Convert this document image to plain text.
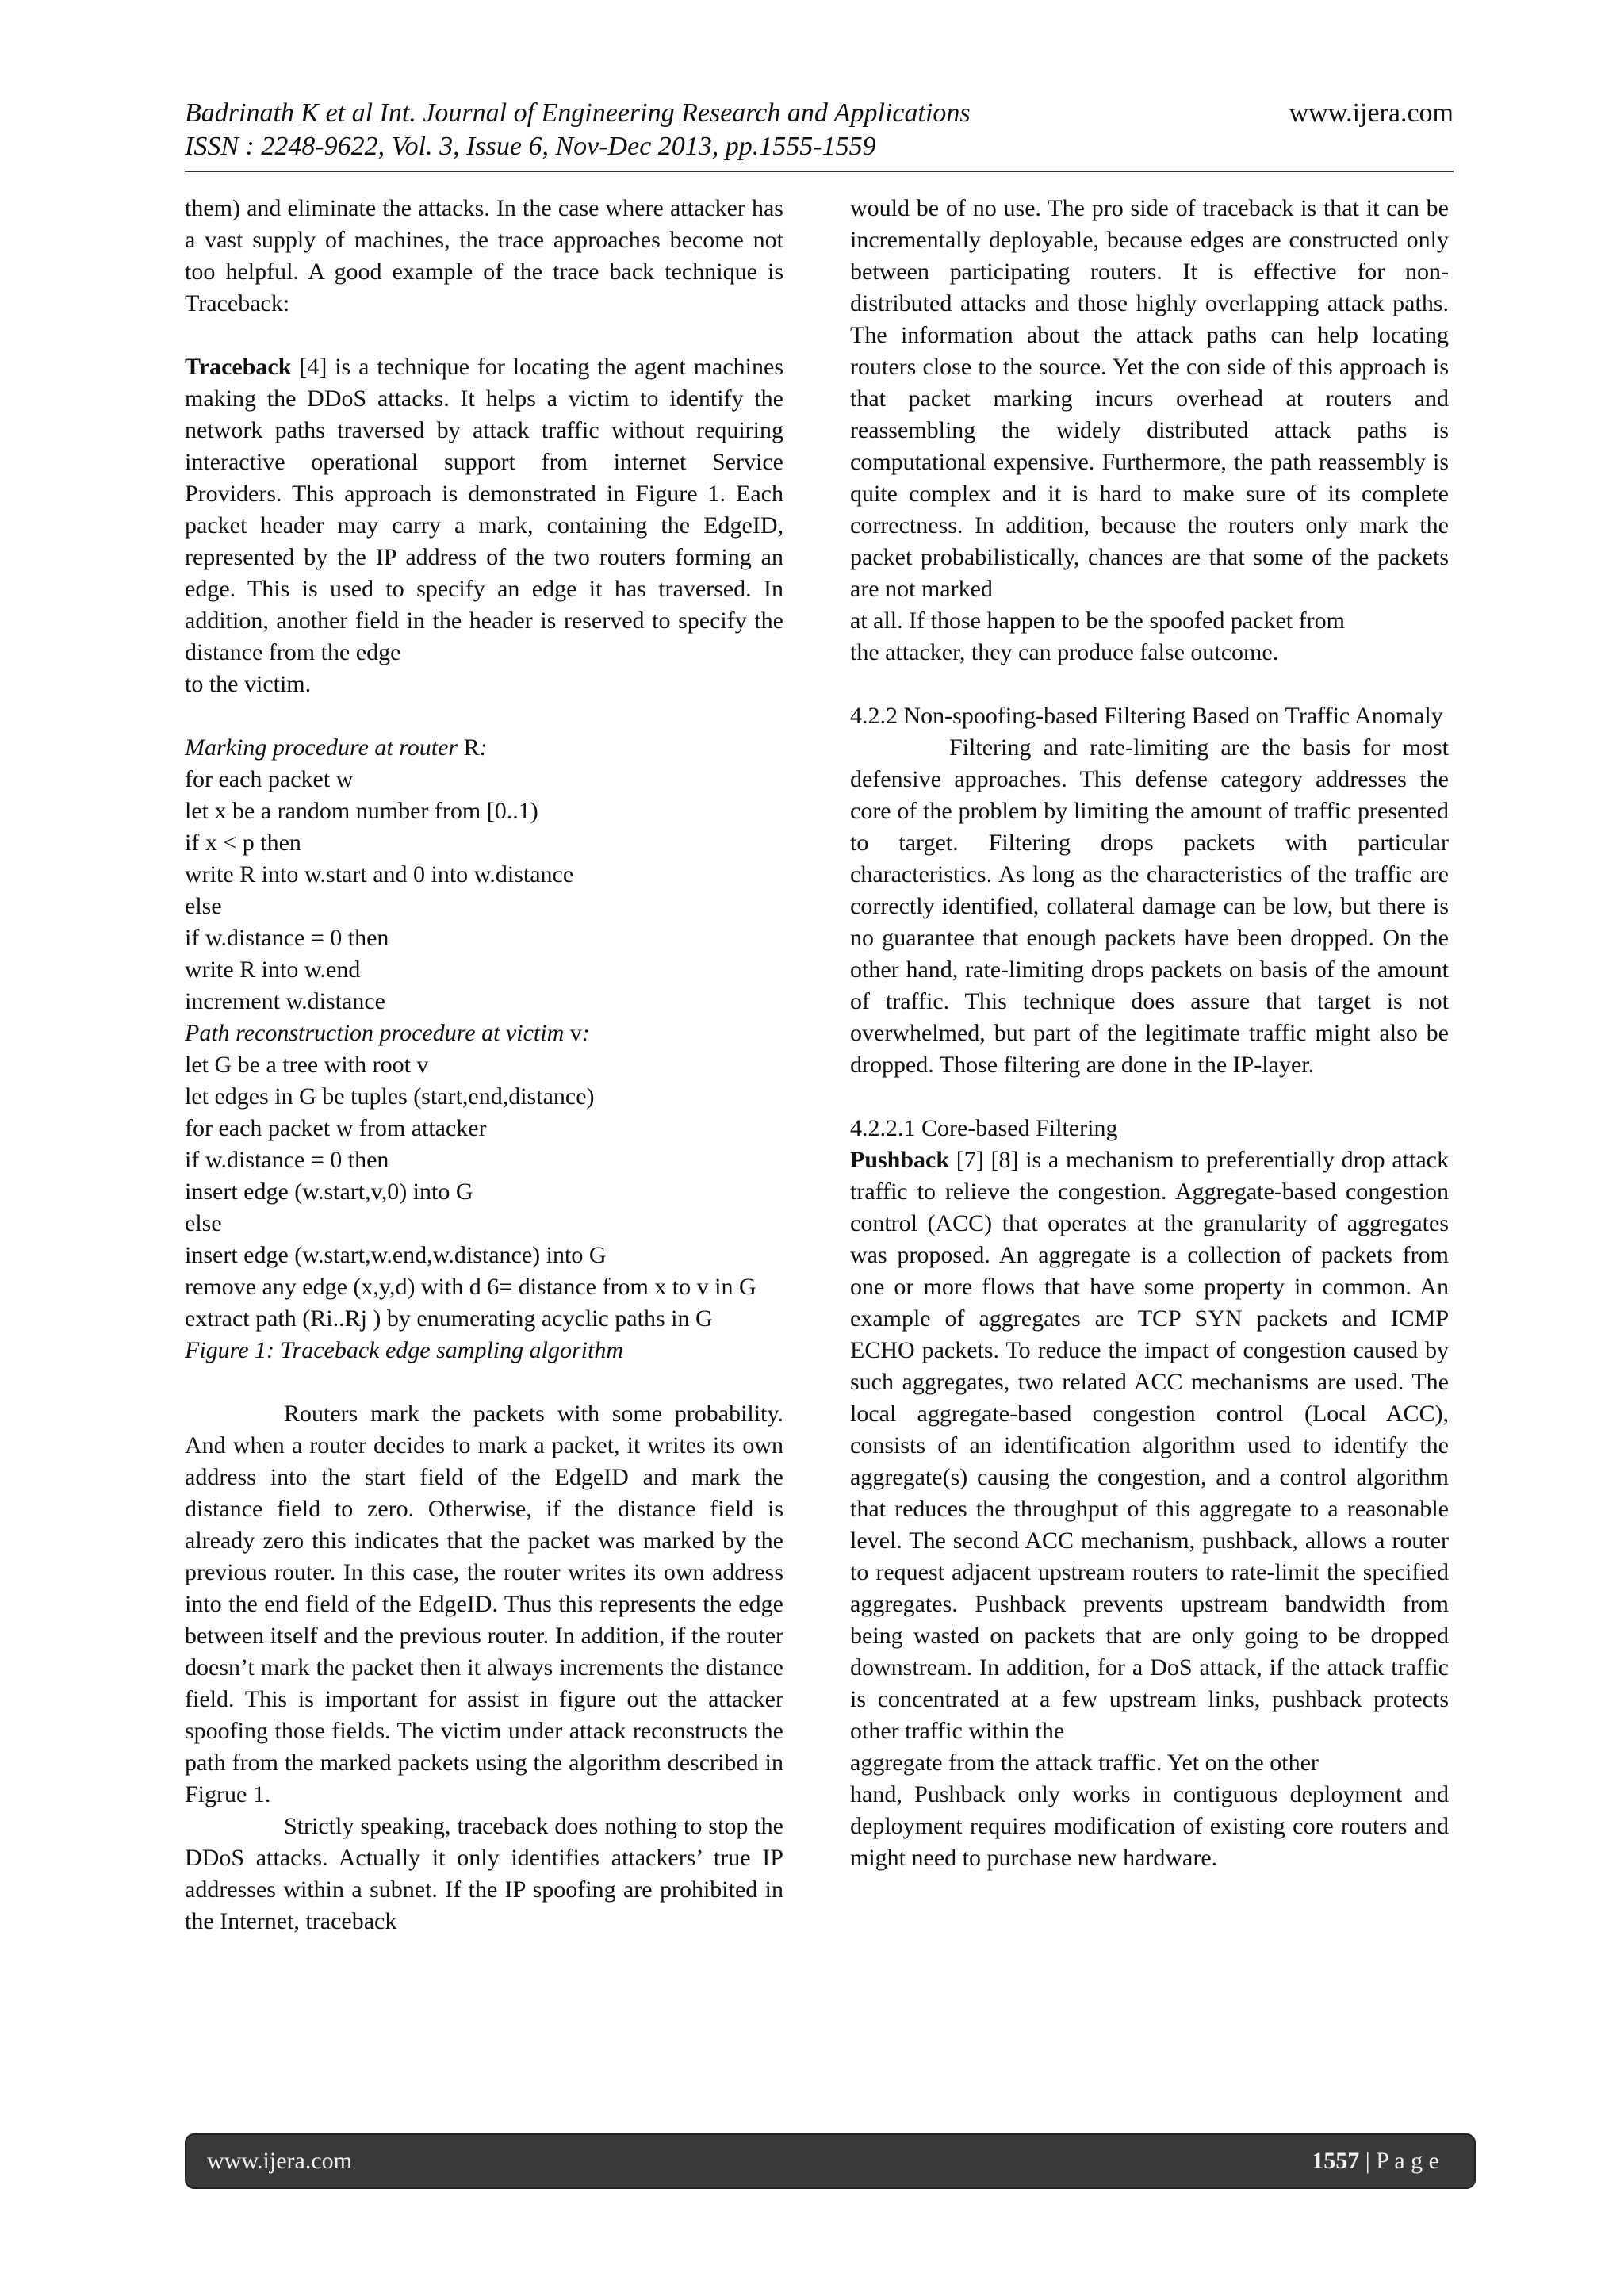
Badrinath K et al Int. Journal of Engineering Research and Applications	www.ijera.com
ISSN : 2248-9622, Vol. 3, Issue 6, Nov-Dec 2013, pp.1555-1559

them) and eliminate the attacks. In the case where attacker has a vast supply of machines, the trace approaches become not too helpful. A good example of the trace back technique is Traceback:

Traceback [4] is a technique for locating the agent machines making the DDoS attacks. It helps a victim to identify the network paths traversed by attack traffic without requiring interactive operational support from internet Service Providers. This approach is demonstrated in Figure 1. Each packet header may carry a mark, containing the EdgeID, represented by the IP address of the two routers forming an edge. This is used to specify an edge it has traversed. In addition, another field in the header is reserved to specify the distance from the edge

to the victim.
Marking procedure at router R:
for each packet w
let x be a random number from [0..1)
if x < p then
write R into w.start and 0 into w.distance
else
if w.distance = 0 then
write R into w.end
increment w.distance
Path reconstruction procedure at victim v:
let G be a tree with root v
let edges in G be tuples (start,end,distance)
for each packet w from attacker
if w.distance = 0 then
insert edge (w.start,v,0) into G
else
insert edge (w.start,w.end,w.distance) into G

remove any edge (x,y,d) with d 6= distance from x to v in G

extract path (Ri..Rj ) by enumerating acyclic paths in G

Figure 1: Traceback edge sampling algorithm

Routers mark the packets with some probability. And when a router decides to mark a packet, it writes its own address into the start field of the EdgeID and mark the distance field to zero. Otherwise, if the distance field is already zero this indicates that the packet was marked by the previous router. In this case, the router writes its own address into the end field of the EdgeID. Thus this represents the edge between itself and the previous router. In addition, if the router doesn’t mark the packet then it always increments the distance field. This is important for assist in figure out the attacker spoofing those fields. The victim under attack reconstructs the path from the marked packets using the algorithm described in Figrue 1.

Strictly speaking, traceback does nothing to stop the DDoS attacks. Actually it only identifies attackers’ true IP addresses within a subnet. If the IP spoofing are prohibited in the Internet, traceback

would be of no use. The pro side of traceback is that it can be incrementally deployable, because edges are constructed only between participating routers. It is effective for non-distributed attacks and those highly overlapping attack paths. The information about the attack paths can help locating routers close to the source. Yet the con side of this approach is that packet marking incurs overhead at routers and reassembling the widely distributed attack paths is computational expensive. Furthermore, the path reassembly is quite complex and it is hard to make sure of its complete correctness. In addition, because the routers only mark the packet probabilistically, chances are that some of the packets are not marked

at all. If those happen to be the spoofed packet from
the attacker, they can produce false outcome.

4.2.2 Non-spoofing-based Filtering Based on Traffic Anomaly

Filtering and rate-limiting are the basis for most defensive approaches. This defense category addresses the core of the problem by limiting the amount of traffic presented to target. Filtering drops packets with particular characteristics. As long as the characteristics of the traffic are correctly identified, collateral damage can be low, but there is no guarantee that enough packets have been dropped. On the other hand, rate-limiting drops packets on basis of the amount of traffic. This technique does assure that target is not overwhelmed, but part of the legitimate traffic might also be dropped. Those filtering are done in the IP-layer.

4.2.2.1 Core-based Filtering

Pushback [7] [8] is a mechanism to preferentially drop attack traffic to relieve the congestion. Aggregate-based congestion control (ACC) that operates at the granularity of aggregates was proposed. An aggregate is a collection of packets from one or more flows that have some property in common. An example of aggregates are TCP SYN packets and ICMP ECHO packets. To reduce the impact of congestion caused by such aggregates, two related ACC mechanisms are used. The local aggregate-based congestion control (Local ACC), consists of an identification algorithm used to identify the aggregate(s) causing the congestion, and a control algorithm that reduces the throughput of this aggregate to a reasonable level. The second ACC mechanism, pushback, allows a router to request adjacent upstream routers to rate-limit the specified aggregates. Pushback prevents upstream bandwidth from being wasted on packets that are only going to be dropped downstream. In addition, for a DoS attack, if the attack traffic is concentrated at a few upstream links, pushback protects other traffic within the

aggregate from the attack traffic. Yet on the other

hand, Pushback only works in contiguous deployment and deployment requires modification of existing core routers and might need to purchase new hardware.

www.ijera.com	1557 | P a g e
